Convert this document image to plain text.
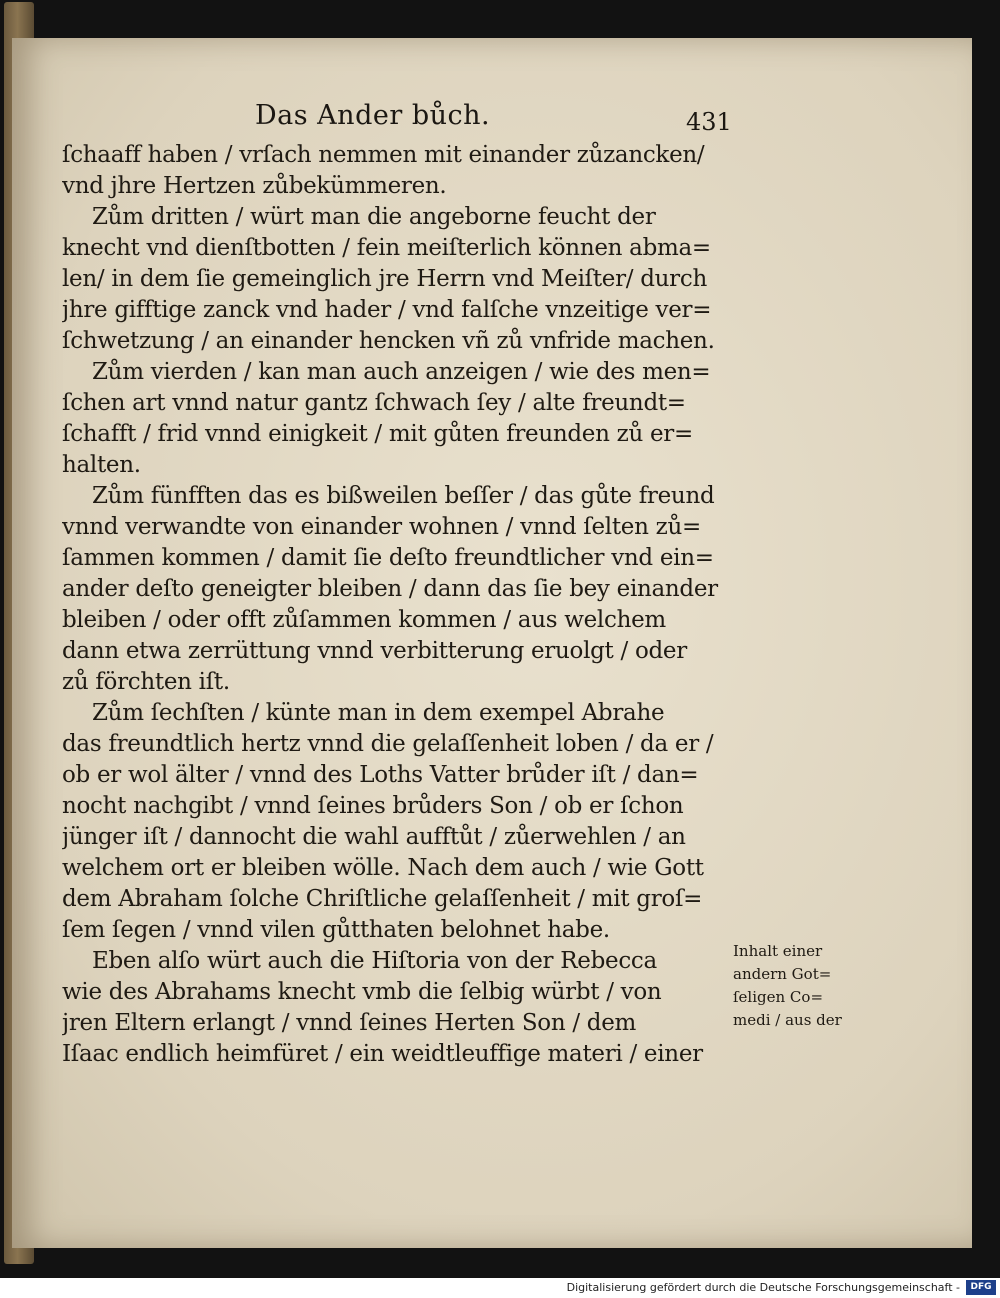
Das Ander bůch.	431
ſchaaff haben / vrſach nemmen mit einander zůzancken/
vnd jhre Hertzen zůbekümmeren.
Zům dritten / würt man die angeborne feucht der
knecht vnd dienſtbotten / fein meiſterlich können abma=
len/ in dem ſie gemeinglich jre Herrn vnd Meiſter/ durch
jhre gifftige zanck vnd hader / vnd falſche vnzeitige ver=
ſchwetzung / an einander hencken vñ zů vnfride machen.
Zům vierden / kan man auch anzeigen / wie des men=
ſchen art vnnd natur gantz ſchwach ſey / alte freundt=
ſchafft / frid vnnd einigkeit / mit gůten freunden zů er=
halten.
Zům fünfften das es bißweilen beſſer / das gůte freund
vnnd verwandte von einander wohnen / vnnd ſelten zů=
ſammen kommen / damit ſie deſto freundtlicher vnd ein=
ander deſto geneigter bleiben / dann das ſie bey einander
bleiben / oder offt zůſammen kommen / aus welchem
dann etwa zerrüttung vnnd verbitterung eruolgt / oder
zů förchten iſt.
Zům ſechſten / künte man in dem exempel Abrahe
das freundtlich hertz vnnd die gelaſſenheit loben / da er /
ob er wol älter / vnnd des Loths Vatter brůder iſt / dan=
nocht nachgibt / vnnd ſeines brůders Son / ob er ſchon
jünger iſt / dannocht die wahl aufftůt / zůerwehlen / an
welchem ort er bleiben wölle. Nach dem auch / wie Gott
dem Abraham ſolche Chriſtliche gelaſſenheit / mit groſ=
ſem ſegen / vnnd vilen gůtthaten belohnet habe.
Eben alſo würt auch die Hiſtoria von der Rebecca
wie des Abrahams knecht vmb die ſelbig würbt / von
jren Eltern erlangt / vnnd ſeines Herten Son / dem
Iſaac endlich heimfüret / ein weidtleuffige materi / einer
Inhalt einer
andern Got=
ſeligen Co=
medi / aus der
Digitalisierung gefördert durch die Deutsche Forschungsgemeinschaft -	DFG
